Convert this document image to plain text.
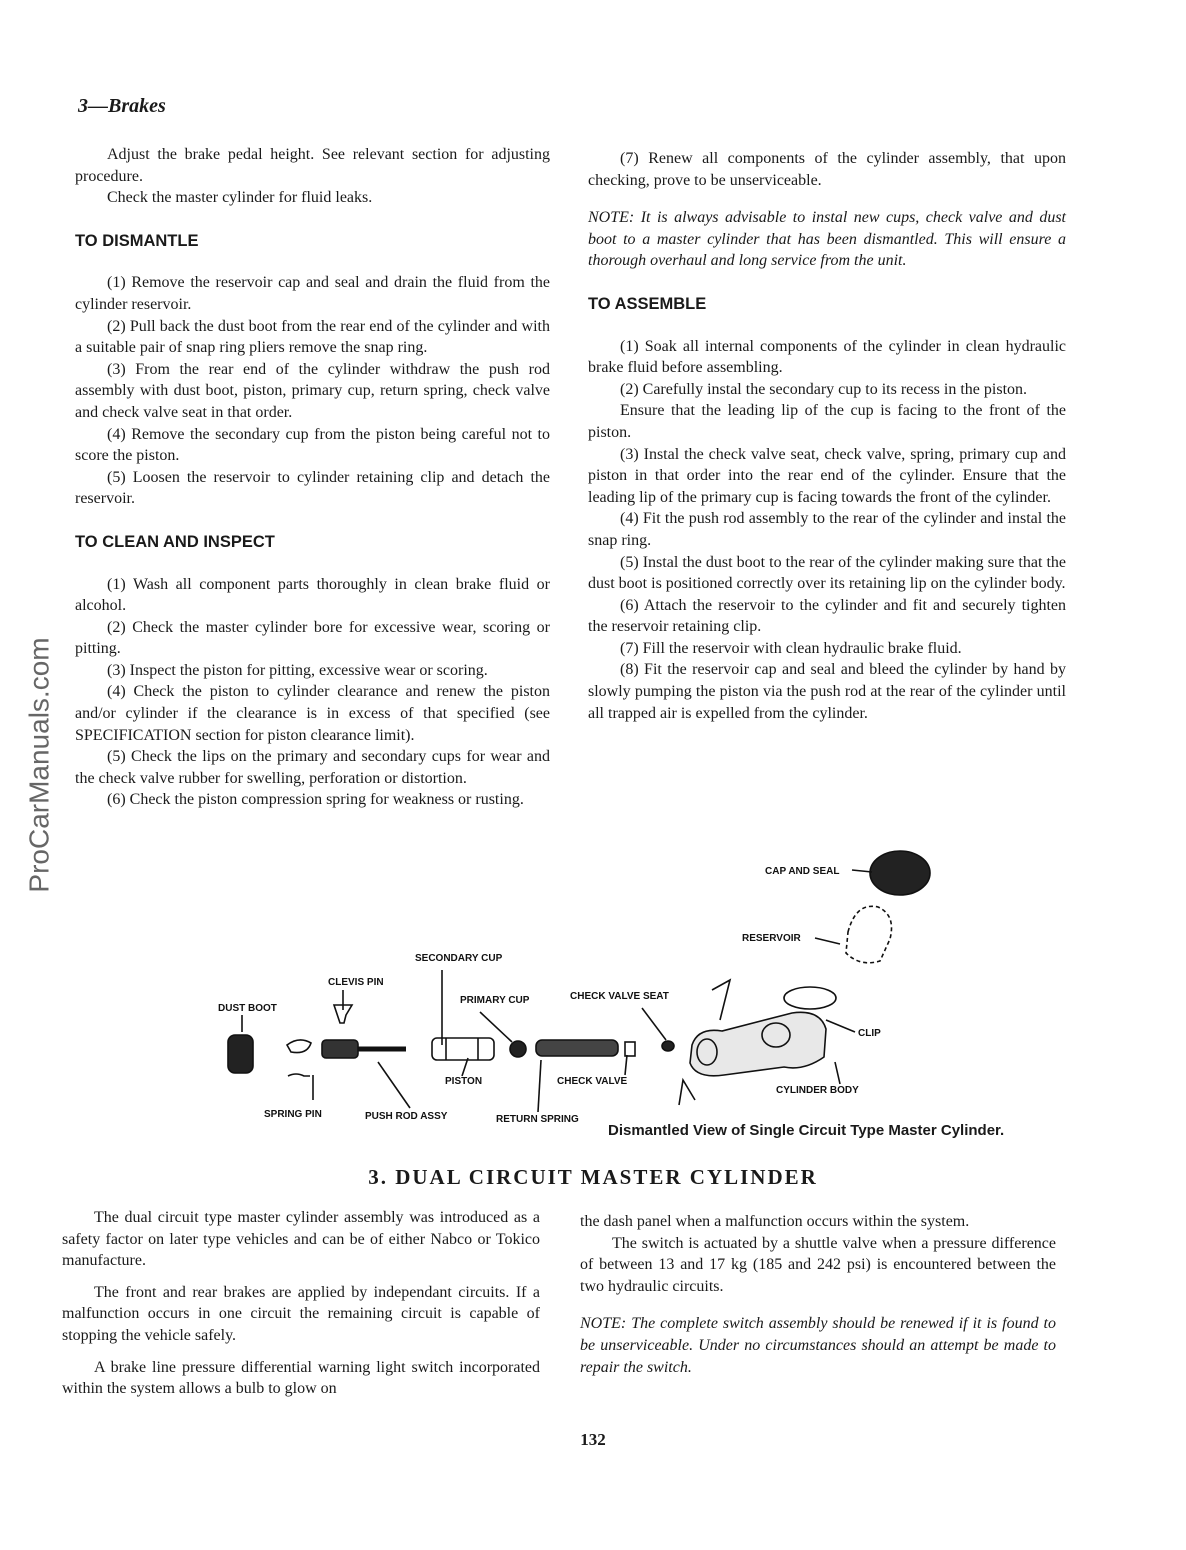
3—Brakes
ProCarManuals.com

Adjust the brake pedal height. See relevant section for adjusting procedure.

Check the master cylinder for fluid leaks.

TO DISMANTLE

(1) Remove the reservoir cap and seal and drain the fluid from the cylinder reservoir.

(2) Pull back the dust boot from the rear end of the cylinder and with a suitable pair of snap ring pliers remove the snap ring.

(3) From the rear end of the cylinder withdraw the push rod assembly with dust boot, piston, primary cup, return spring, check valve and check valve seat in that order.

(4) Remove the secondary cup from the piston being careful not to score the piston.

(5) Loosen the reservoir to cylinder retaining clip and detach the reservoir.

TO CLEAN AND INSPECT

(1) Wash all component parts thoroughly in clean brake fluid or alcohol.

(2) Check the master cylinder bore for excessive wear, scoring or pitting.

(3) Inspect the piston for pitting, excessive wear or scoring.

(4) Check the piston to cylinder clearance and renew the piston and/or cylinder if the clearance is in excess of that specified (see SPECIFICATION section for piston clearance limit).

(5) Check the lips on the primary and secondary cups for wear and the check valve rubber for swelling, perforation or distortion.

(6) Check the piston compression spring for weakness or rusting.

(7) Renew all components of the cylinder assembly, that upon checking, prove to be unserviceable.

NOTE: It is always advisable to instal new cups, check valve and dust boot to a master cylinder that has been dismantled. This will ensure a thorough overhaul and long service from the unit.

TO ASSEMBLE

(1) Soak all internal components of the cylinder in clean hydraulic brake fluid before assembling.

(2) Carefully instal the secondary cup to its recess in the piston.

Ensure that the leading lip of the cup is facing to the front of the piston.

(3) Instal the check valve seat, check valve, spring, primary cup and piston in that order into the rear end of the cylinder. Ensure that the leading lip of the primary cup is facing towards the front of the cylinder.

(4) Fit the push rod assembly to the rear of the cylinder and instal the snap ring.

(5) Instal the dust boot to the rear of the cylinder making sure that the dust boot is positioned correctly over its retaining lip on the cylinder body.

(6) Attach the reservoir to the cylinder and fit and securely tighten the reservoir retaining clip.

(7) Fill the reservoir with clean hydraulic brake fluid.

(8) Fit the reservoir cap and seal and bleed the cylinder by hand by slowly pumping the piston via the push rod at the rear of the cylinder until all trapped air is expelled from the cylinder.

CAP AND SEAL
RESERVOIR
SECONDARY CUP
CLEVIS PIN
DUST BOOT
PRIMARY CUP	CHECK VALVE SEAT
CLIP
PISTON	CHECK VALVE
CYLINDER BODY
SPRING PIN	PUSH ROD ASSY	RETURN SPRING
Dismantled View of Single Circuit Type Master Cylinder.
3. DUAL CIRCUIT MASTER CYLINDER

The dual circuit type master cylinder assembly was introduced as a safety factor on later type vehicles and can be of either Nabco or Tokico manufacture.

The front and rear brakes are applied by independant circuits. If a malfunction occurs in one circuit the remaining circuit is capable of stopping the vehicle safely.

A brake line pressure differential warning light switch incorporated within the system allows a bulb to glow on

the dash panel when a malfunction occurs within the system.

The switch is actuated by a shuttle valve when a pressure difference of between 13 and 17 kg (185 and 242 psi) is encountered between the two hydraulic circuits.

NOTE: The complete switch assembly should be renewed if it is found to be unserviceable. Under no circumstances should an attempt be made to repair the switch.

132
